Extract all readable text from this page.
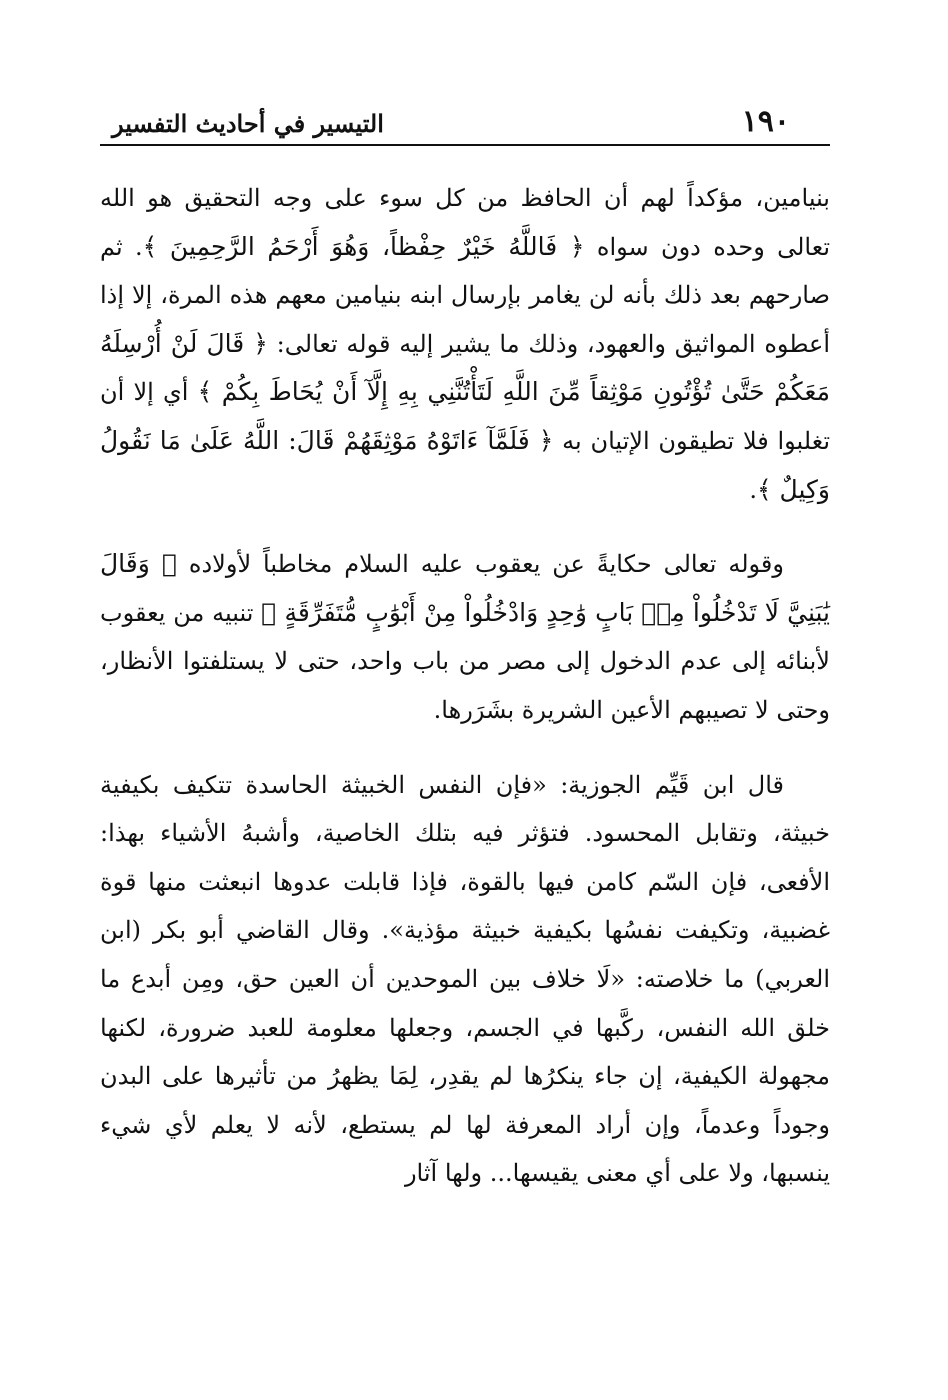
١٩٠
التيسير في أحاديث التفسير

بنيامين، مؤكداً لهم أن الحافظ من كل سوء على وجه التحقيق هو الله تعالى وحده دون سواه ﴿ فَاللَّهُ خَيْرٌ حِفْظاً، وَهُوَ أَرْحَمُ الرَّحِمِينَ ﴾. ثم صارحهم بعد ذلك بأنه لن يغامر بإرسال ابنه بنيامين معهم هذه المرة، إلا إذا أعطوه المواثيق والعهود، وذلك ما يشير إليه قوله تعالى: ﴿ قَالَ لَنْ أُرْسِلَهُ مَعَكُمْ حَتَّىٰ تُؤْتُونِ مَوْثِقاً مِّنَ اللَّهِ لَتَأْتُنَّنِي بِهِ إِلَّآ أَنْ يُحَاطَ بِكُمْ ﴾ أي إلا أن تغلبوا فلا تطيقون الإتيان به ﴿ فَلَمَّآ ءَاتَوْهُ مَوْثِقَهُمْ قَالَ: اللَّهُ عَلَىٰ مَا نَقُولُ وَكِيلٌ ﴾.

وقوله تعالى حكايةً عن يعقوب عليه السلام مخاطباً لأولاده ﴿ وَقَالَ يَٰبَنِيَّ لَا تَدْخُلُواْ مِنۢ بَابٍ وَٰحِدٍ وَادْخُلُواْ مِنْ أَبْوَٰبٍ مُّتَفَرِّقَةٍ ﴾ تنبيه من يعقوب لأبنائه إلى عدم الدخول إلى مصر من باب واحد، حتى لا يستلفتوا الأنظار، وحتى لا تصيبهم الأعين الشريرة بشَرَرها.

قال ابن قَيِّم الجوزية: «فإن النفس الخبيثة الحاسدة تتكيف بكيفية خبيثة، وتقابل المحسود. فتؤثر فيه بتلك الخاصية، وأشبهُ الأشياء بهذا: الأفعى، فإن السّم كامن فيها بالقوة، فإذا قابلت عدوها انبعثت منها قوة غضبية، وتكيفت نفسُها بكيفية خبيثة مؤذية». وقال القاضي أبو بكر (ابن العربي) ما خلاصته: «لَا خلاف بين الموحدين أن العين حق، ومِن أبدع ما خلق الله النفس، ركَّبها في الجسم، وجعلها معلومة للعبد ضرورة، لكنها مجهولة الكيفية، إن جاء ينكرُها لم يقدِر، لِمَا يظهرُ من تأثيرها على البدن وجوداً وعدماً، وإن أراد المعرفة لها لم يستطع، لأنه لا يعلم لأي شيء ينسبها، ولا على أي معنى يقيسها... ولها آثار
